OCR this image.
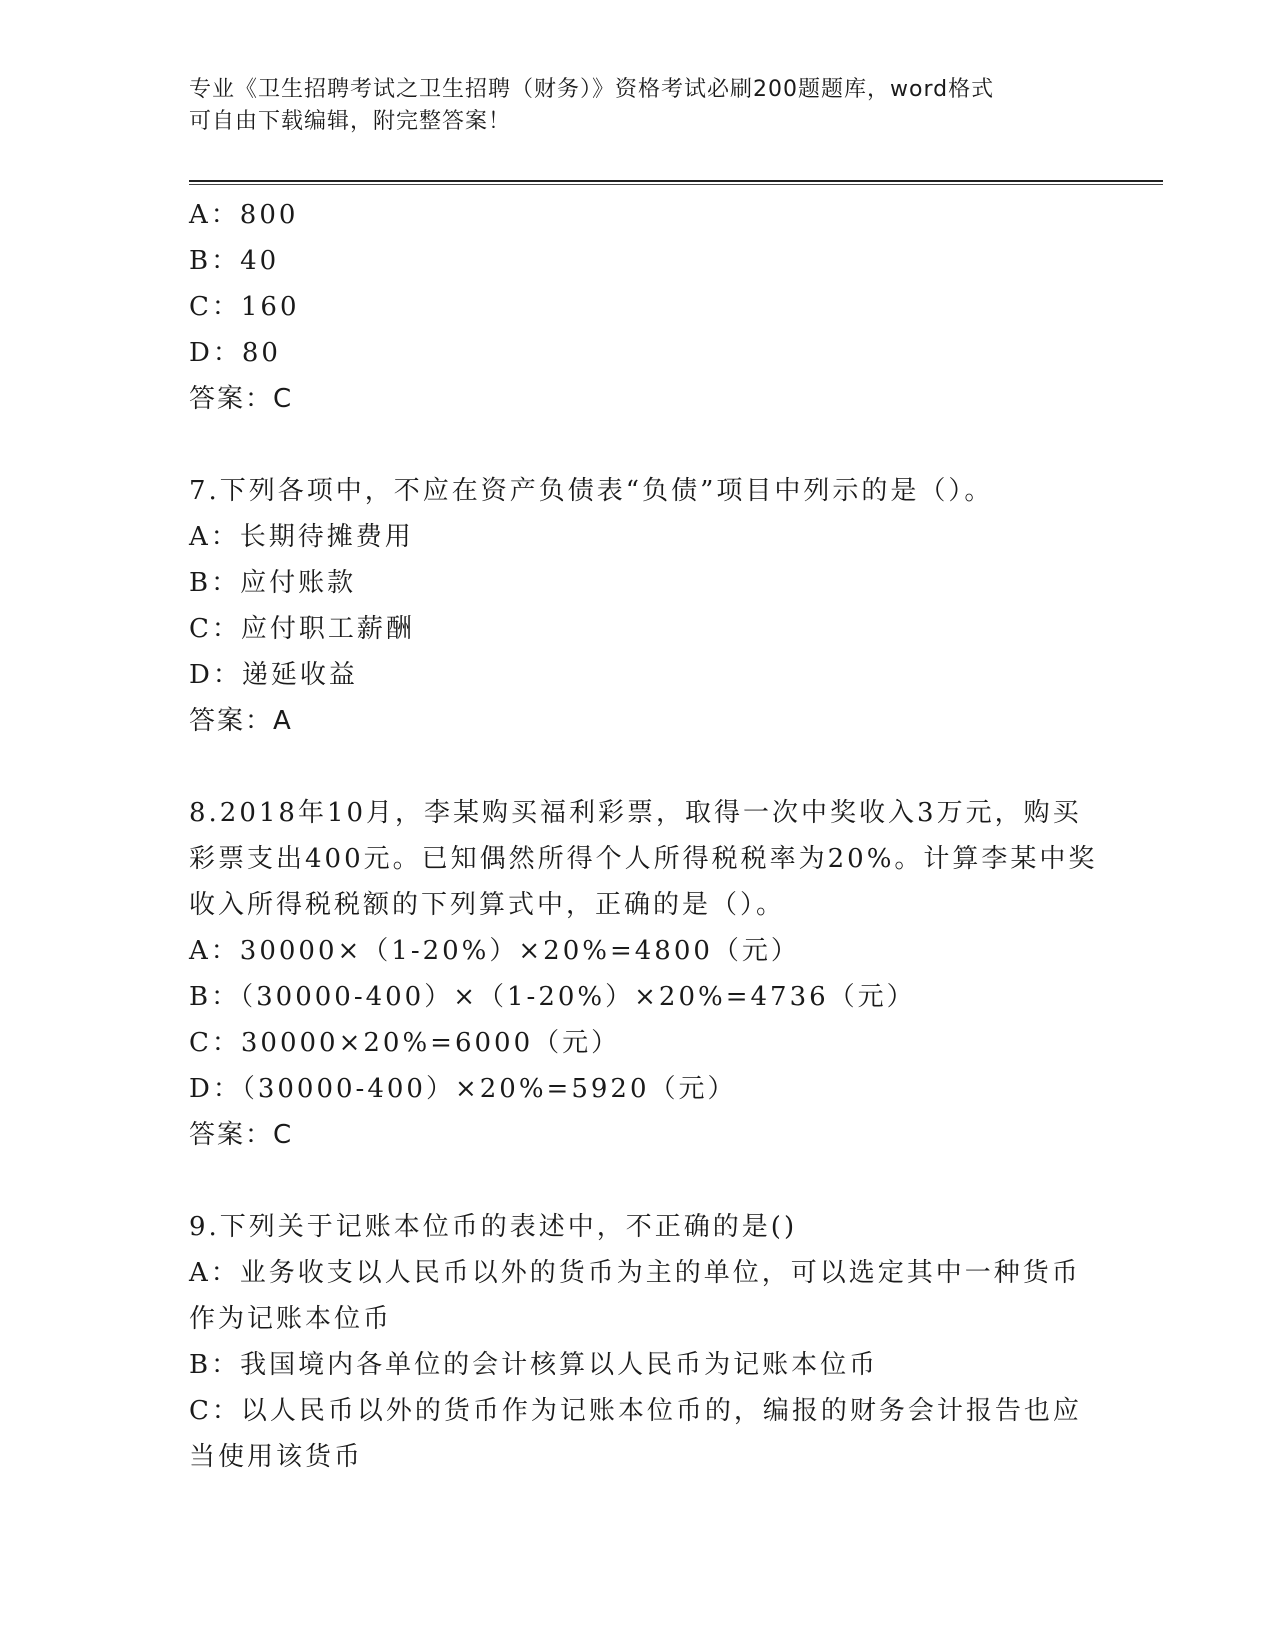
专业《卫生招聘考试之卫生招聘（财务）》资格考试必刷200题题库，word格式
可自由下载编辑，附完整答案！
A：800
B：40
C：160
D：80
答案：C
7.下列各项中，不应在资产负债表“负债”项目中列示的是（）。
A：长期待摊费用
B：应付账款
C：应付职工薪酬
D：递延收益
答案：A
8.2018年10月，李某购买福利彩票，取得一次中奖收入3万元，购买
彩票支出400元。已知偶然所得个人所得税税率为20%。计算李某中奖
收入所得税税额的下列算式中，正确的是（）。
A：30000×（1-20%）×20%=4800（元）
B：（30000-400）×（1-20%）×20%=4736（元）
C：30000×20%=6000（元）
D：（30000-400）×20%=5920（元）
答案：C
9.下列关于记账本位币的表述中，不正确的是()
A：业务收支以人民币以外的货币为主的单位，可以选定其中一种货币
作为记账本位币
B：我国境内各单位的会计核算以人民币为记账本位币
C：以人民币以外的货币作为记账本位币的，编报的财务会计报告也应
当使用该货币
